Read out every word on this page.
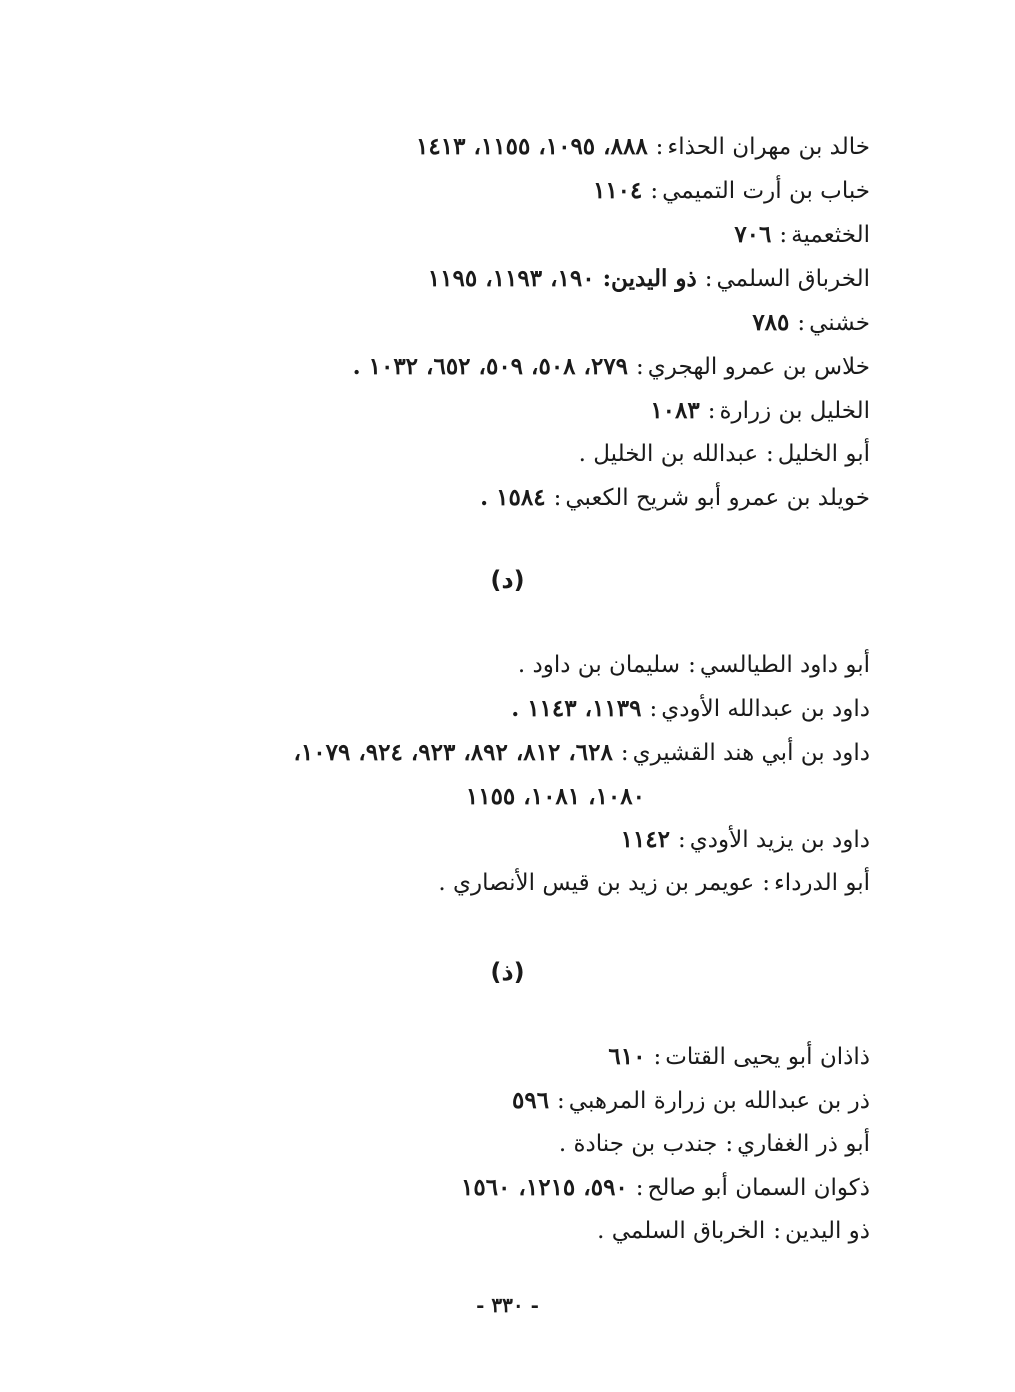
خالد بن مهران الحذاء:٨٨٨، ١٠٩٥، ١١٥٥، ١٤١٣
خباب بن أرت التميمي:١١٠٤
الخثعمية:٧٠٦
الخرباق السلمي:ذو اليدين: ١٩٠، ١١٩٣، ١١٩٥
خشني:٧٨٥
خلاس بن عمرو الهجري:٢٧٩، ٥٠٨، ٥٠٩، ٦٥٢، ١٠٣٢ .
الخليل بن زرارة:١٠٨٣
أبو الخليل:عبدالله بن الخليل .
خويلد بن عمرو أبو شريح الكعبي:١٥٨٤ .
(د)
أبو داود الطيالسي:سليمان بن داود .
داود بن عبدالله الأودي:١١٣٩، ١١٤٣ .
داود بن أبي هند القشيري:٦٢٨، ٨١٢، ٨٩٢، ٩٢٣، ٩٢٤، ١٠٧٩،
١٠٨٠، ١٠٨١، ١١٥٥
داود بن يزيد الأودي:١١٤٢
أبو الدرداء:عويمر بن زيد بن قيس الأنصاري .
(ذ)
ذاذان أبو يحيى القتات:٦١٠
ذر بن عبدالله بن زرارة المرهبي:٥٩٦
أبو ذر الغفاري:جندب بن جنادة .
ذكوان السمان أبو صالح:٥٩٠، ١٢١٥، ١٥٦٠
ذو اليدين:الخرباق السلمي .
- ٣٣٠ -
